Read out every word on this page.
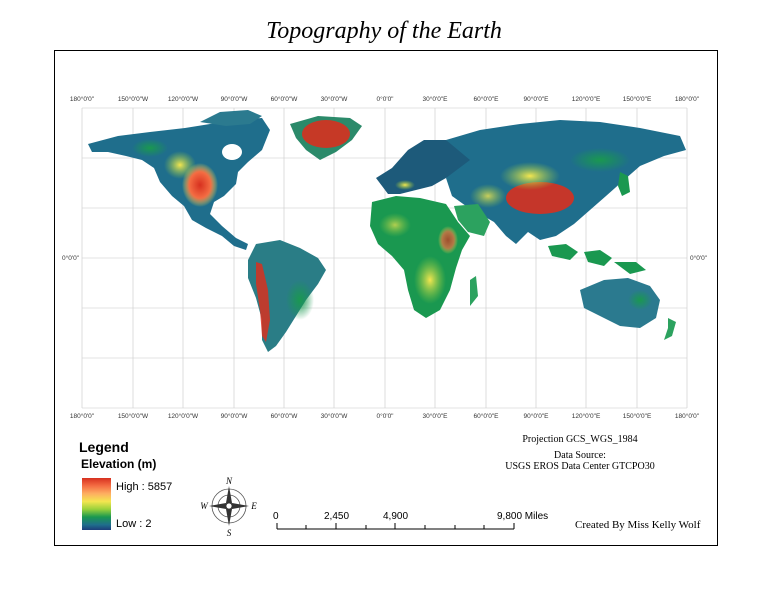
Topography of the Earth
180°0'0"	150°0'0"W	120°0'0"W	90°0'0"W	60°0'0"W	30°0'0"W	0°0'0"	30°0'0"E	60°0'0"E	90°0'0"E	120°0'0"E	150°0'0"E	180°0'0"
180°0'0"	150°0'0"W	120°0'0"W	90°0'0"W	60°0'0"W	30°0'0"W	0°0'0"	30°0'0"E	60°0'0"E	90°0'0"E	120°0'0"E	150°0'0"E	180°0'0"
0°0'0"	0°0'0"
N
S
E
W
Legend
Elevation (m)
High : 5857
Low : 2
Projection GCS_WGS_1984
Data Source:
USGS EROS Data Center GTCPO30
0	2,450	4,900	9,800 Miles
Created By Miss Kelly Wolf
